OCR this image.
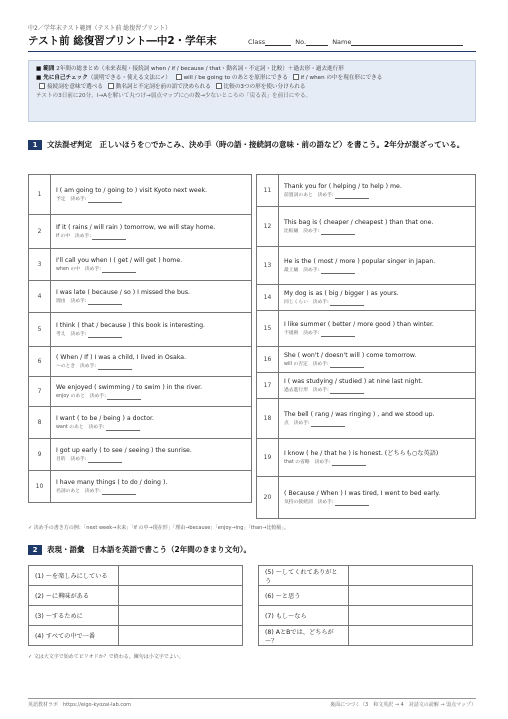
中2／学年末テスト範囲（テスト前 総復習プリント）
テスト前 総復習プリント―中2・学年末	Class	No.	Name
■ 範囲 2年間の総まとめ（未来表現・接続詞 when / if / because / that・動名詞・不定詞・比較）＋過去形・過去進行形
■ 先に自己チェック（説明できる・使える文法に✓） will / be going to のあとを原形にできる if / when の中を現在形にできる
接続詞を意味で選べる 動名詞と不定詞を前の語で決められる 比較の3つの形を使い分けられる
テストの3日前に20分。I→Aを解いて丸つけ→弱点マップに○の数→少ないところの「戻る表」を前日にやる。
1 文法混ぜ判定　正しいほうを○でかこみ、決め手（時の語・接続詞の意味・前の語など）を書こう。2年分が混ざっている。
1	I ( am going to / going to ) visit Kyoto next week.
予定　決め手:

2	If it ( rains / will rain ) tomorrow, we will stay home.
if の中　決め手:

3	I'll call you when I ( get / will get ) home.
when の中　決め手:

4	I was late ( because / so ) I missed the bus.
理由　決め手:

5	I think ( that / because ) this book is interesting.
考え　決め手:

6	( When / If ) I was a child, I lived in Osaka.
～のとき　決め手:

7	We enjoyed ( swimming / to swim ) in the river.
enjoy のあと　決め手:

8	I want ( to be / being ) a doctor.
want のあと　決め手:

9	I got up early ( to see / seeing ) the sunrise.
目的　決め手:

10	I have many things ( to do / doing ).
名詞のあと　決め手:
11	Thank you for ( helping / to help ) me.
前置詞のあと　決め手:

12	This bag is ( cheaper / cheapest ) than that one.
比較級　決め手:

13	He is the ( most / more ) popular singer in Japan.
最上級　決め手:

14	My dog is as ( big / bigger ) as yours.
同じくらい　決め手:

15	I like summer ( better / more good ) than winter.
不規則　決め手:

16	She ( won't / doesn't will ) come tomorrow.
will の否定　決め手:

17	I ( was studying / studied ) at nine last night.
過去進行形　決め手:

18	The bell ( rang / was ringing ) , and we stood up.
点　決め手:

19	I know ( he / that he ) is honest. (どちらも○な英語)
that の省略　決め手:

20	( Because / When ) I was tired, I went to bed early.
気持の接続詞　決め手:
✓ 決め手の書き方の例：「next week→未来」「if の中→現在形」「理由→because」「enjoy→ing」「than→比較級」。
2 表現・語彙　日本語を英語で書こう（2年間のきまり文句）。
(1) ～を楽しみにしている	
(2) ～に興味がある	
(3) ～するために	
(4) すべての中で一番	
(5) ～してくれてありがとう	
(6) ～と思う	
(7) もし～なら	
(8) AとBでは、どちらが～？	
✓ 文は大文字で始めてピリオドか？で終わる。練句は小文字でよい。
英語教材ラボ　https://eigo-kyozai-lab.com	裏面につづく（3　和文英訳 → 4　対話文の読解 → 弱点マップ）
